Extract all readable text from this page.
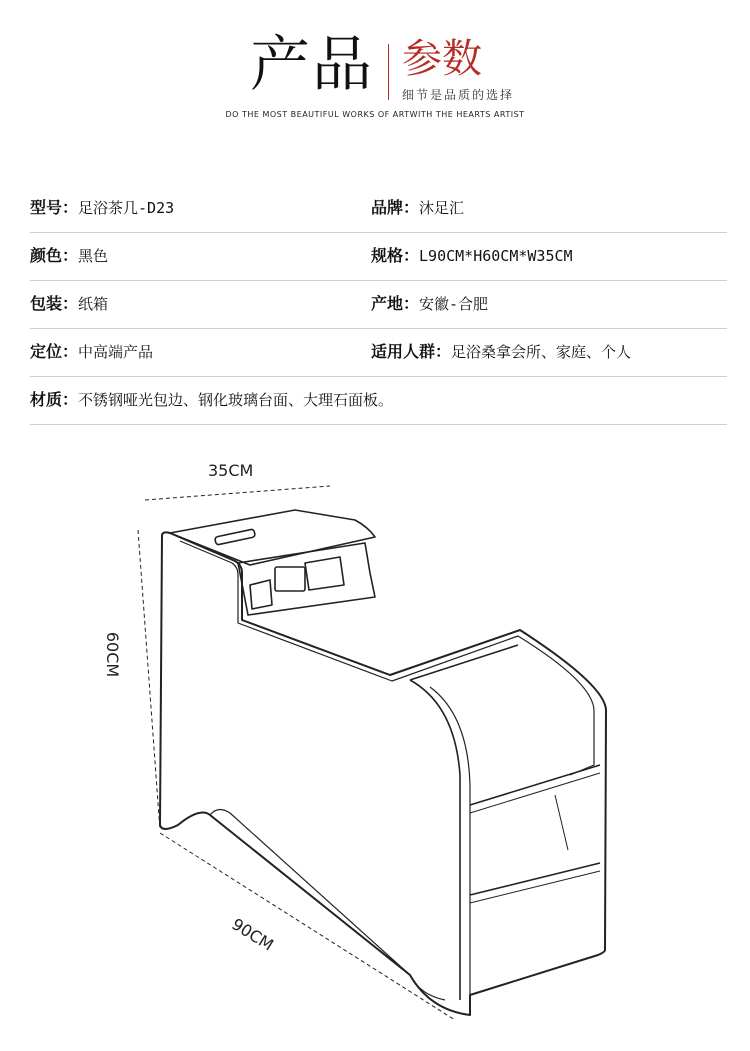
产品 参数
细节是品质的选择
DO THE MOST BEAUTIFUL WORKS OF ARTWITH THE HEARTS ARTIST
型号：足浴茶几-D23	品牌：沐足汇
颜色：黑色	规格：L90CM*H60CM*W35CM
包装：纸箱	产地：安徽-合肥
定位：中高端产品	适用人群：足浴桑拿会所、家庭、个人
材质：不锈钢哑光包边、钢化玻璃台面、大理石面板。
35CM
60CM
90CM
